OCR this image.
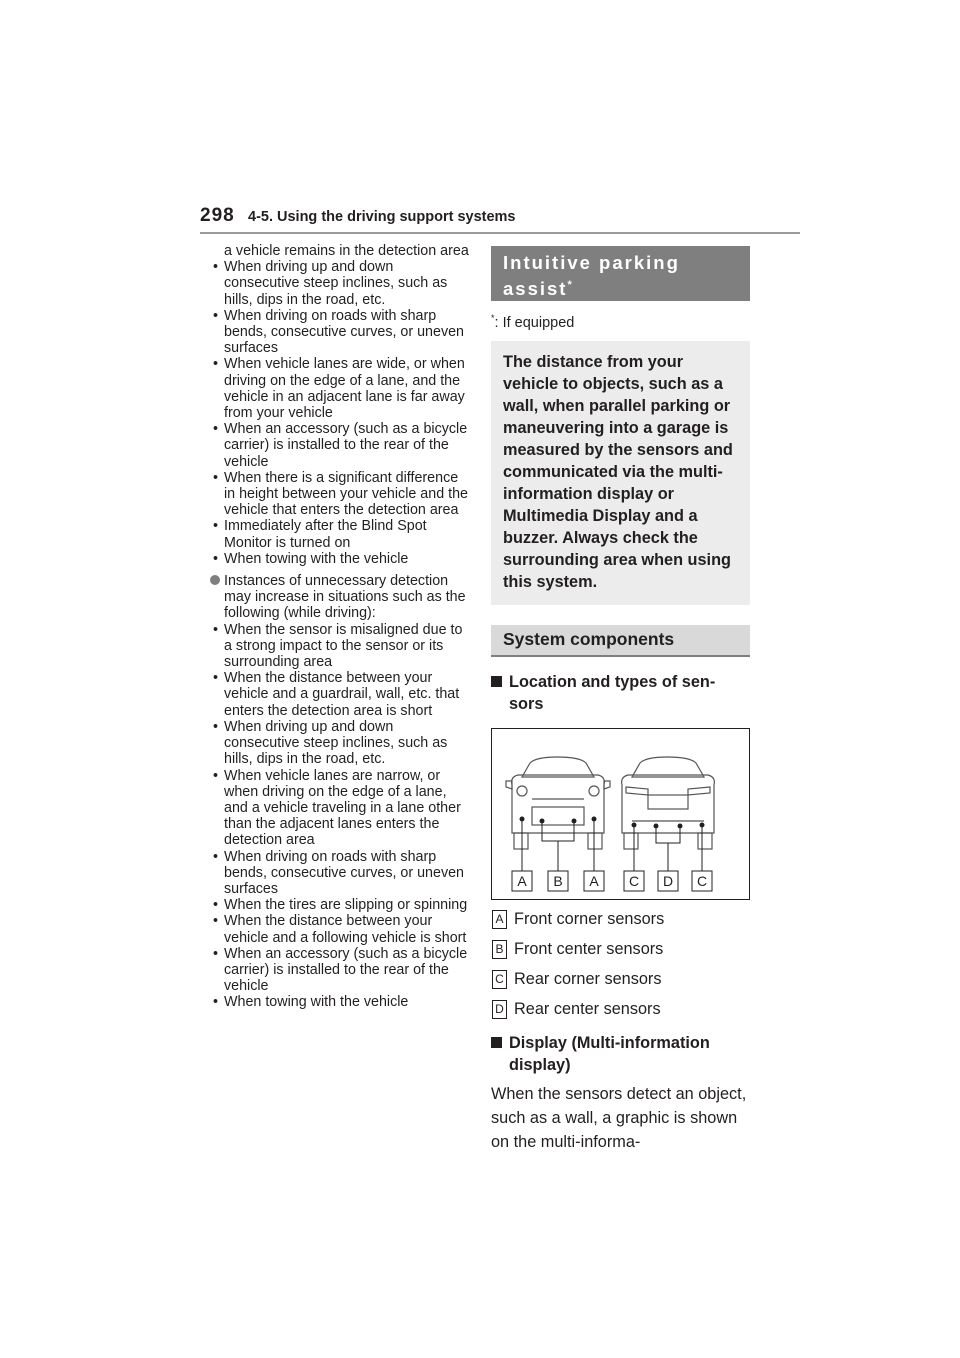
298 4-5. Using the driving support systems
a vehicle remains in the detection area
• When driving up and down consecutive steep inclines, such as hills, dips in the road, etc.
• When driving on roads with sharp bends, consecutive curves, or uneven surfaces
• When vehicle lanes are wide, or when driving on the edge of a lane, and the vehicle in an adjacent lane is far away from your vehicle
• When an accessory (such as a bicycle carrier) is installed to the rear of the vehicle
• When there is a significant difference in height between your vehicle and the vehicle that enters the detection area
• Immediately after the Blind Spot Monitor is turned on
• When towing with the vehicle
Instances of unnecessary detection may increase in situations such as the following (while driving):
• When the sensor is misaligned due to a strong impact to the sensor or its surrounding area
• When the distance between your vehicle and a guardrail, wall, etc. that enters the detection area is short
• When driving up and down consecutive steep inclines, such as hills, dips in the road, etc.
• When vehicle lanes are narrow, or when driving on the edge of a lane, and a vehicle traveling in a lane other than the adjacent lanes enters the detection area
• When driving on roads with sharp bends, consecutive curves, or uneven surfaces
• When the tires are slipping or spinning
• When the distance between your vehicle and a following vehicle is short
• When an accessory (such as a bicycle carrier) is installed to the rear of the vehicle
• When towing with the vehicle
Intuitive parking
assist*
*: If equipped
The distance from your vehicle to objects, such as a wall, when parallel parking or maneuvering into a garage is measured by the sensors and communicated via the multi-information display or Multimedia Display and a buzzer. Always check the surrounding area when using this system.
System components
Location and types of sen-
sors
A B A C D C
A Front corner sensors
B Front center sensors
C Rear corner sensors
D Rear center sensors
Display (Multi-information
display)
When the sensors detect an object, such as a wall, a graphic is shown on the multi-informa-
